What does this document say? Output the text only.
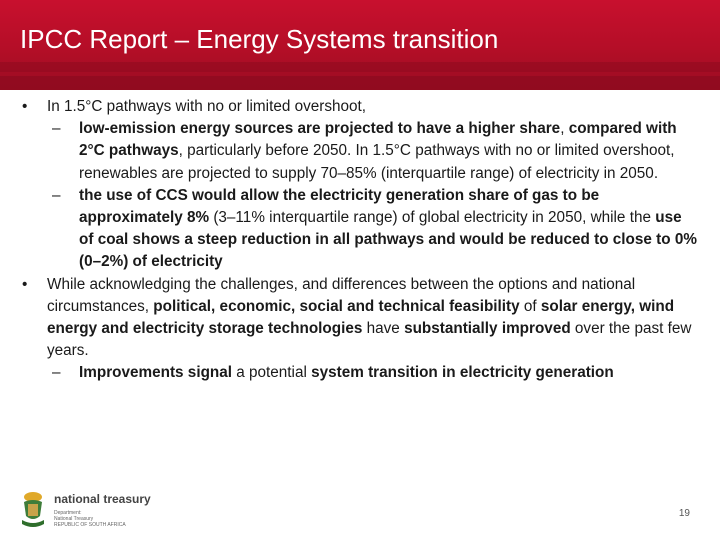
IPCC Report – Energy Systems transition

• In 1.5°C pathways with no or limited overshoot,

– low-emission energy sources are projected to have a higher share, compared with 2°C pathways, particularly before 2050. In 1.5°C pathways with no or limited overshoot, renewables are projected to supply 70–85% (interquartile range) of electricity in 2050.

– the use of CCS would allow the electricity generation share of gas to be approximately 8% (3–11% interquartile range) of global electricity in 2050, while the use of coal shows a steep reduction in all pathways and would be reduced to close to 0% (0–2%) of electricity

• While acknowledging the challenges, and differences between the options and national circumstances, political, economic, social and technical feasibility of solar energy, wind energy and electricity storage technologies have substantially improved over the past few years.

– Improvements signal a potential system transition in electricity generation

national treasury
Department:
National Treasury
REPUBLIC OF SOUTH AFRICA
19
